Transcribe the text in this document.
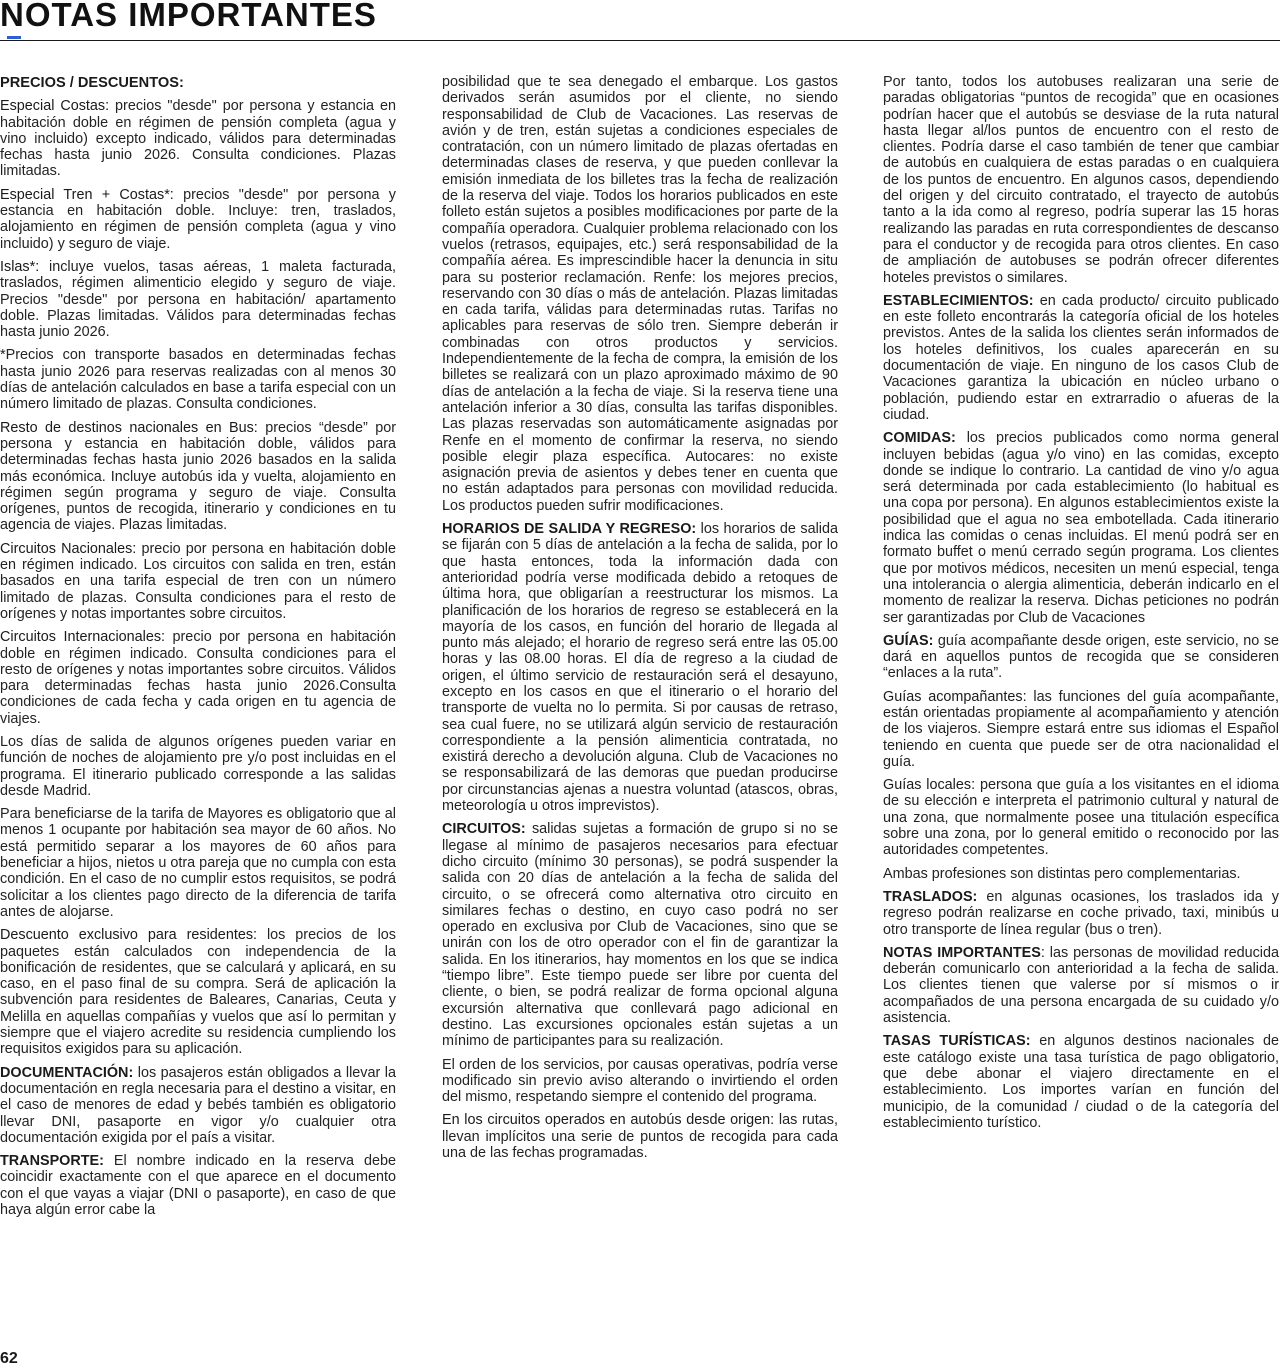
NOTAS IMPORTANTES
PRECIOS / DESCUENTOS:

Especial Costas: precios "desde" por persona y estancia en habitación doble en régimen de pensión completa (agua y vino incluido) excepto indicado, válidos para determinadas fechas hasta junio 2026. Consulta condiciones. Plazas limitadas.

Especial Tren + Costas*: precios "desde" por persona y estancia en habitación doble. Incluye: tren, traslados, alojamiento en régimen de pensión completa (agua y vino incluido) y seguro de viaje.

Islas*: incluye vuelos, tasas aéreas, 1 maleta facturada, traslados, régimen alimenticio elegido y seguro de viaje. Precios "desde" por persona en habitación/ apartamento doble. Plazas limitadas. Válidos para determinadas fechas hasta junio 2026.

*Precios con transporte basados en determinadas fechas hasta junio 2026 para reservas realizadas con al menos 30 días de antelación calculados en base a tarifa especial con un número limitado de plazas. Consulta condiciones.

Resto de destinos nacionales en Bus: precios “desde” por persona y estancia en habitación doble, válidos para determinadas fechas hasta junio 2026 basados en la salida más económica. Incluye autobús ida y vuelta, alojamiento en régimen según programa y seguro de viaje. Consulta orígenes, puntos de recogida, itinerario y condiciones en tu agencia de viajes. Plazas limitadas.

Circuitos Nacionales: precio por persona en habitación doble en régimen indicado. Los circuitos con salida en tren, están basados en una tarifa especial de tren con un número limitado de plazas. Consulta condiciones para el resto de orígenes y notas importantes sobre circuitos.

Circuitos Internacionales: precio por persona en habitación doble en régimen indicado. Consulta condiciones para el resto de orígenes y notas importantes sobre circuitos. Válidos para determinadas fechas hasta junio 2026.Consulta condiciones de cada fecha y cada origen en tu agencia de viajes.

Los días de salida de algunos orígenes pueden variar en función de noches de alojamiento pre y/o post incluidas en el programa. El itinerario publicado corresponde a las salidas desde Madrid.

Para beneficiarse de la tarifa de Mayores es obligatorio que al menos 1 ocupante por habitación sea mayor de 60 años. No está permitido separar a los mayores de 60 años para beneficiar a hijos, nietos u otra pareja que no cumpla con esta condición. En el caso de no cumplir estos requisitos, se podrá solicitar a los clientes pago directo de la diferencia de tarifa antes de alojarse.

Descuento exclusivo para residentes: los precios de los paquetes están calculados con independencia de la bonificación de residentes, que se calculará y aplicará, en su caso, en el paso final de su compra. Será de aplicación la subvención para residentes de Baleares, Canarias, Ceuta y Melilla en aquellas compañías y vuelos que así lo permitan y siempre que el viajero acredite su residencia cumpliendo los requisitos exigidos para su aplicación.

DOCUMENTACIÓN: los pasajeros están obligados a llevar la documentación en regla necesaria para el destino a visitar, en el caso de menores de edad y bebés también es obligatorio llevar DNI, pasaporte en vigor y/o cualquier otra documentación exigida por el país a visitar.

TRANSPORTE: El nombre indicado en la reserva debe coincidir exactamente con el que aparece en el documento con el que vayas a viajar (DNI o pasaporte), en caso de que haya algún error cabe la

posibilidad que te sea denegado el embarque. Los gastos derivados serán asumidos por el cliente, no siendo responsabilidad de Club de Vacaciones. Las reservas de avión y de tren, están sujetas a condiciones especiales de contratación, con un número limitado de plazas ofertadas en determinadas clases de reserva, y que pueden conllevar la emisión inmediata de los billetes tras la fecha de realización de la reserva del viaje. Todos los horarios publicados en este folleto están sujetos a posibles modificaciones por parte de la compañía operadora. Cualquier problema relacionado con los vuelos (retrasos, equipajes, etc.) será responsabilidad de la compañía aérea. Es imprescindible hacer la denuncia in situ para su posterior reclamación. Renfe: los mejores precios, reservando con 30 días o más de antelación. Plazas limitadas en cada tarifa, válidas para determinadas rutas. Tarifas no aplicables para reservas de sólo tren. Siempre deberán ir combinadas con otros productos y servicios. Independientemente de la fecha de compra, la emisión de los billetes se realizará con un plazo aproximado máximo de 90 días de antelación a la fecha de viaje. Si la reserva tiene una antelación inferior a 30 días, consulta las tarifas disponibles. Las plazas reservadas son automáticamente asignadas por Renfe en el momento de confirmar la reserva, no siendo posible elegir plaza específica. Autocares: no existe asignación previa de asientos y debes tener en cuenta que no están adaptados para personas con movilidad reducida. Los productos pueden sufrir modificaciones.

HORARIOS DE SALIDA Y REGRESO: los horarios de salida se fijarán con 5 días de antelación a la fecha de salida, por lo que hasta entonces, toda la información dada con anterioridad podría verse modificada debido a retoques de última hora, que obligarían a reestructurar los mismos. La planificación de los horarios de regreso se establecerá en la mayoría de los casos, en función del horario de llegada al punto más alejado; el horario de regreso será entre las 05.00 horas y las 08.00 horas. El día de regreso a la ciudad de origen, el último servicio de restauración será el desayuno, excepto en los casos en que el itinerario o el horario del transporte de vuelta no lo permita. Si por causas de retraso, sea cual fuere, no se utilizará algún servicio de restauración correspondiente a la pensión alimenticia contratada, no existirá derecho a devolución alguna. Club de Vacaciones no se responsabilizará de las demoras que puedan producirse por circunstancias ajenas a nuestra voluntad (atascos, obras, meteorología u otros imprevistos).

CIRCUITOS: salidas sujetas a formación de grupo si no se llegase al mínimo de pasajeros necesarios para efectuar dicho circuito (mínimo 30 personas), se podrá suspender la salida con 20 días de antelación a la fecha de salida del circuito, o se ofrecerá como alternativa otro circuito en similares fechas o destino, en cuyo caso podrá no ser operado en exclusiva por Club de Vacaciones, sino que se unirán con los de otro operador con el fin de garantizar la salida. En los itinerarios, hay momentos en los que se indica “tiempo libre”. Este tiempo puede ser libre por cuenta del cliente, o bien, se podrá realizar de forma opcional alguna excursión alternativa que conllevará pago adicional en destino. Las excursiones opcionales están sujetas a un mínimo de participantes para su realización.

El orden de los servicios, por causas operativas, podría verse modificado sin previo aviso alterando o invirtiendo el orden del mismo, respetando siempre el contenido del programa.

En los circuitos operados en autobús desde origen: las rutas, llevan implícitos una serie de puntos de recogida para cada una de las fechas programadas.

Por tanto, todos los autobuses realizaran una serie de paradas obligatorias “puntos de recogida” que en ocasiones podrían hacer que el autobús se desviase de la ruta natural hasta llegar al/los puntos de encuentro con el resto de clientes. Podría darse el caso también de tener que cambiar de autobús en cualquiera de estas paradas o en cualquiera de los puntos de encuentro. En algunos casos, dependiendo del origen y del circuito contratado, el trayecto de autobús tanto a la ida como al regreso, podría superar las 15 horas realizando las paradas en ruta correspondientes de descanso para el conductor y de recogida para otros clientes. En caso de ampliación de autobuses se podrán ofrecer diferentes hoteles previstos o similares.

ESTABLECIMIENTOS: en cada producto/ circuito publicado en este folleto encontrarás la categoría oficial de los hoteles previstos. Antes de la salida los clientes serán informados de los hoteles definitivos, los cuales aparecerán en su documentación de viaje. En ninguno de los casos Club de Vacaciones garantiza la ubicación en núcleo urbano o población, pudiendo estar en extrarradio o afueras de la ciudad.

COMIDAS: los precios publicados como norma general incluyen bebidas (agua y/o vino) en las comidas, excepto donde se indique lo contrario. La cantidad de vino y/o agua será determinada por cada establecimiento (lo habitual es una copa por persona). En algunos establecimientos existe la posibilidad que el agua no sea embotellada. Cada itinerario indica las comidas o cenas incluidas. El menú podrá ser en formato buffet o menú cerrado según programa. Los clientes que por motivos médicos, necesiten un menú especial, tenga una intolerancia o alergia alimenticia, deberán indicarlo en el momento de realizar la reserva. Dichas peticiones no podrán ser garantizadas por Club de Vacaciones

GUÍAS: guía acompañante desde origen, este servicio, no se dará en aquellos puntos de recogida que se consideren “enlaces a la ruta”.

Guías acompañantes: las funciones del guía acompañante, están orientadas propiamente al acompañamiento y atención de los viajeros. Siempre estará entre sus idiomas el Español teniendo en cuenta que puede ser de otra nacionalidad el guía.

Guías locales: persona que guía a los visitantes en el idioma de su elección e interpreta el patrimonio cultural y natural de una zona, que normalmente posee una titulación específica sobre una zona, por lo general emitido o reconocido por las autoridades competentes.

Ambas profesiones son distintas pero complementarias.

TRASLADOS: en algunas ocasiones, los traslados ida y regreso podrán realizarse en coche privado, taxi, minibús u otro transporte de línea regular (bus o tren).

NOTAS IMPORTANTES: las personas de movilidad reducida deberán comunicarlo con anterioridad a la fecha de salida. Los clientes tienen que valerse por sí mismos o ir acompañados de una persona encargada de su cuidado y/o asistencia.

TASAS TURÍSTICAS: en algunos destinos nacionales de este catálogo existe una tasa turística de pago obligatorio, que debe abonar el viajero directamente en el establecimiento. Los importes varían en función del municipio, de la comunidad / ciudad o de la categoría del establecimiento turístico.

62
